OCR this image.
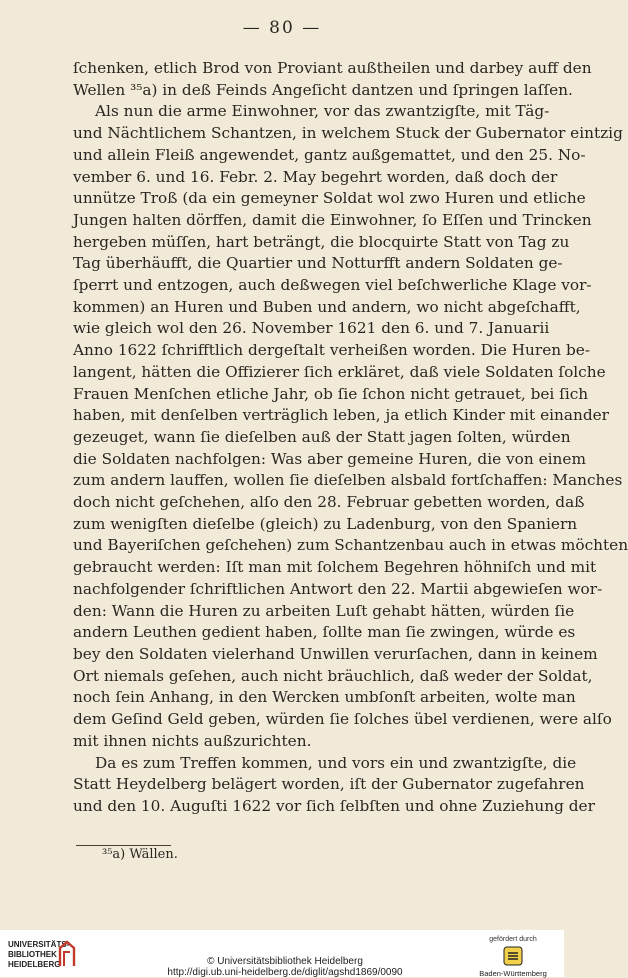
— 80 —
ſchenken, etlich Brod von Proviant außtheilen und darbey auff den
Wellen ³⁵a) in deß Feinds Angeſicht dantzen und ſpringen laſſen.
Als nun die arme Einwohner, vor das zwantzigſte, mit Täg-
und Nächtlichem Schantzen, in welchem Stuck der Gubernator eintzig
und allein Fleiß angewendet, gantz außgemattet, und den 25. No-
vember 6. und 16. Febr. 2. May begehrt worden, daß doch der
unnütze Troß (da ein gemeyner Soldat wol zwo Huren und etliche
Jungen halten dörffen, damit die Einwohner, ſo Eſſen und Trincken
hergeben müſſen, hart beträngt, die blocquirte Statt von Tag zu
Tag überhäufft, die Quartier und Notturfft andern Soldaten ge-
ſperrt und entzogen, auch deßwegen viel beſchwerliche Klage vor-
kommen) an Huren und Buben und andern, wo nicht abgeſchafft,
wie gleich wol den 26. November 1621 den 6. und 7. Januarii
Anno 1622 ſchrifftlich dergeſtalt verheißen worden. Die Huren be-
langent, hätten die Offizierer ſich erkläret, daß viele Soldaten ſolche
Frauen Menſchen etliche Jahr, ob ſie ſchon nicht getrauet, bei ſich
haben, mit denſelben verträglich leben, ja etlich Kinder mit einander
gezeuget, wann ſie dieſelben auß der Statt jagen ſolten, würden
die Soldaten nachfolgen: Was aber gemeine Huren, die von einem
zum andern lauffen, wollen ſie dieſelben alsbald fortſchaffen: Manches
doch nicht geſchehen, alſo den 28. Februar gebetten worden, daß
zum wenigſten dieſelbe (gleich) zu Ladenburg, von den Spaniern
und Bayeriſchen geſchehen) zum Schantzenbau auch in etwas möchten
gebraucht werden: Iſt man mit ſolchem Begehren höhniſch und mit
nachfolgender ſchriftlichen Antwort den 22. Martii abgewieſen wor-
den: Wann die Huren zu arbeiten Luſt gehabt hätten, würden ſie
andern Leuthen gedient haben, ſollte man ſie zwingen, würde es
bey den Soldaten vielerhand Unwillen verurſachen, dann in keinem
Ort niemals geſehen, auch nicht bräuchlich, daß weder der Soldat,
noch ſein Anhang, in den Wercken umbſonſt arbeiten, wolte man
dem Geſind Geld geben, würden ſie ſolches übel verdienen, were alſo
mit ihnen nichts außzurichten.
Da es zum Treffen kommen, und vors ein und zwantzigſte, die
Statt Heydelberg belägert worden, iſt der Gubernator zugefahren
und den 10. Auguſti 1622 vor ſich ſelbſten und ohne Zuziehung der
³⁵a) Wällen.
UNIVERSITÄTS-
BIBLIOTHEK
HEIDELBERG	© Universitätsbibliothek Heidelberg
http://digi.ub.uni-heidelberg.de/diglit/agshd1869/0090
gefördert durch
Baden-Württemberg
